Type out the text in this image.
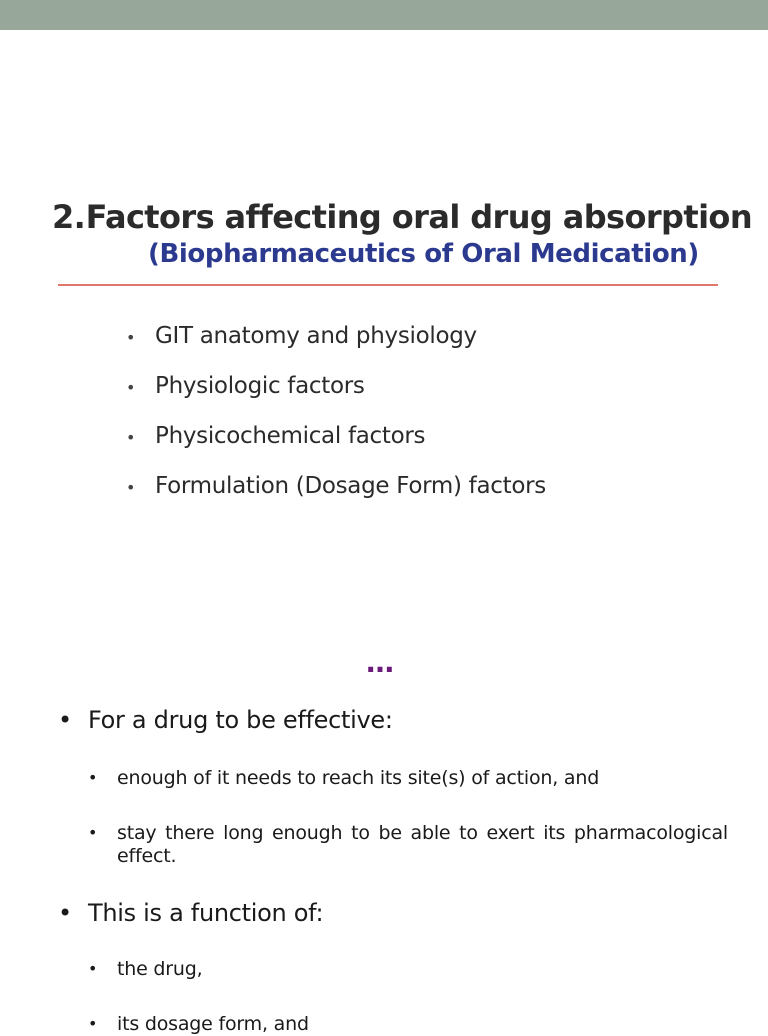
2. Factors affecting oral drug absorption
(Biopharmaceutics of Oral Medication)
• GIT anatomy and physiology
• Physiologic factors
• Physicochemical factors
• Formulation (Dosage Form) factors
…
• For a drug to be effective:
•	enough of it needs to reach its site(s) of action, and
•	stay there long enough to be able to exert its pharmacological effect.
• This is a function of:
•	the drug,
•	its dosage form, and
